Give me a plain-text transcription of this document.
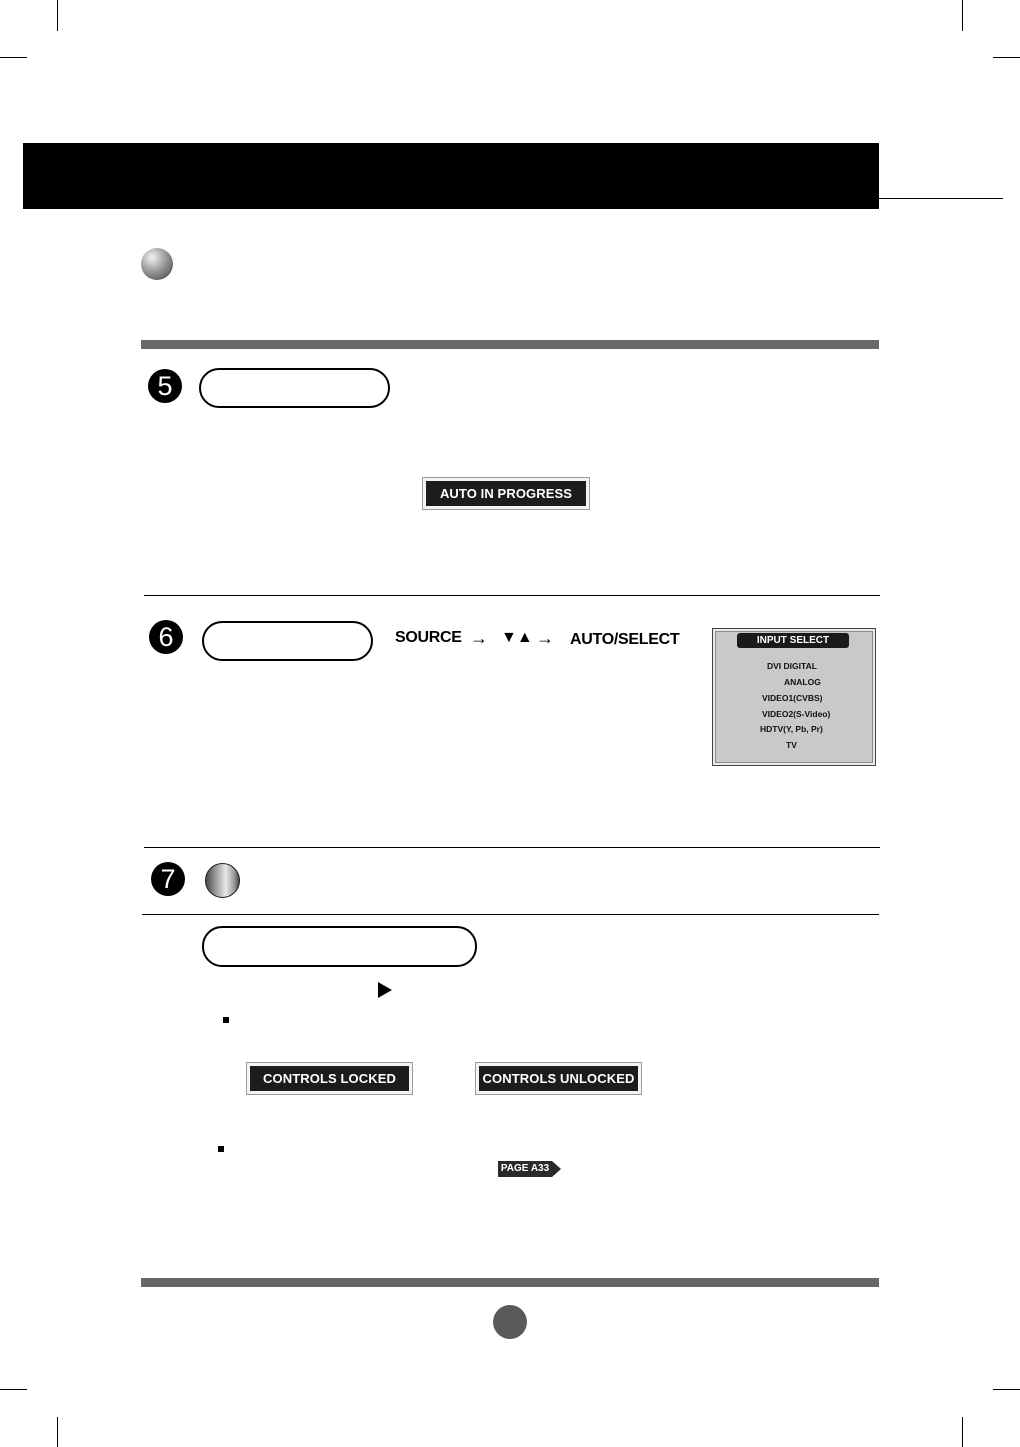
5
AUTO IN PROGRESS
6	SOURCE → ▼▲ → AUTO/SELECT	INPUT SELECT
DVI DIGITAL
ANALOG
VIDEO1(CVBS)
VIDEO2(S-Video)
HDTV(Y, Pb, Pr)
TV
7
CONTROLS LOCKED	CONTROLS UNLOCKED
PAGE A33
